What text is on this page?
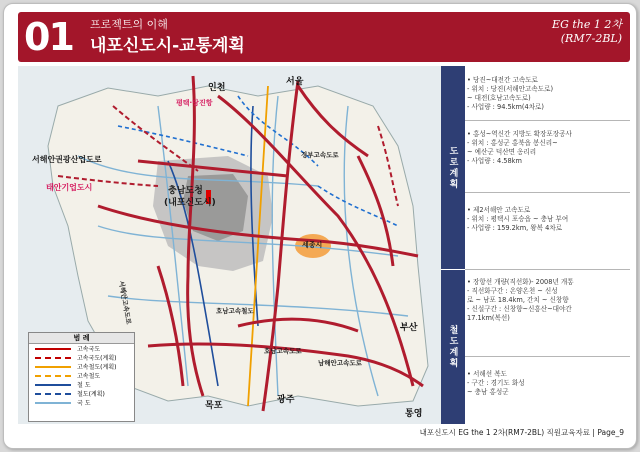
01 프로젝트의 이해
내포신도시-교통계획
EG the 1 2차
(RM7-2BL)
인천
서울
목포
광주
부산
통영
서해안권광산업도로
태안기업도시
평택·당진항
세종시
충남도청
(내포신도시)
서해안고속도로
경부고속도로
호남고속도로
호남고속철도
남해안고속도로
범 례
고속국도
고속국도(계획)
고속철도(계획)
고속철도
철 도
철도(계획)
국 도
도로계획
철도계획
• 당진~대전간 고속도로
- 위치 : 당진(서해안고속도로)
~ 대전(호남고속도로)
- 사업량 : 94.5km(4차로)
• 홍성~역신간 지방도 확장포장공사
- 위치 : 홍성군 홍북읍 봉신리~
~ 예산군 덕산면 옹리리
- 사업량 : 4.58km
• 제2서해안 고속도로
- 위치 : 평택시 포승읍 ~ 충남 부여
- 사업량 : 159.2km, 왕복 4차로
• 장항선 개량(직선화)- 2008년 개통
- 직선화구간 : 온양온천 ~ 신성
로 ~ 남포 18.4km, 간치 ~ 신창향
- 신설구간 : 신창향~신흥산~대야간
17.1km(복선)
• 서해선 복도
- 구간 : 경기도 화성
~ 충남 홍성군
내포신도시 EG the 1 2차(RM7-2BL) 직원교육자료 | Page_9
